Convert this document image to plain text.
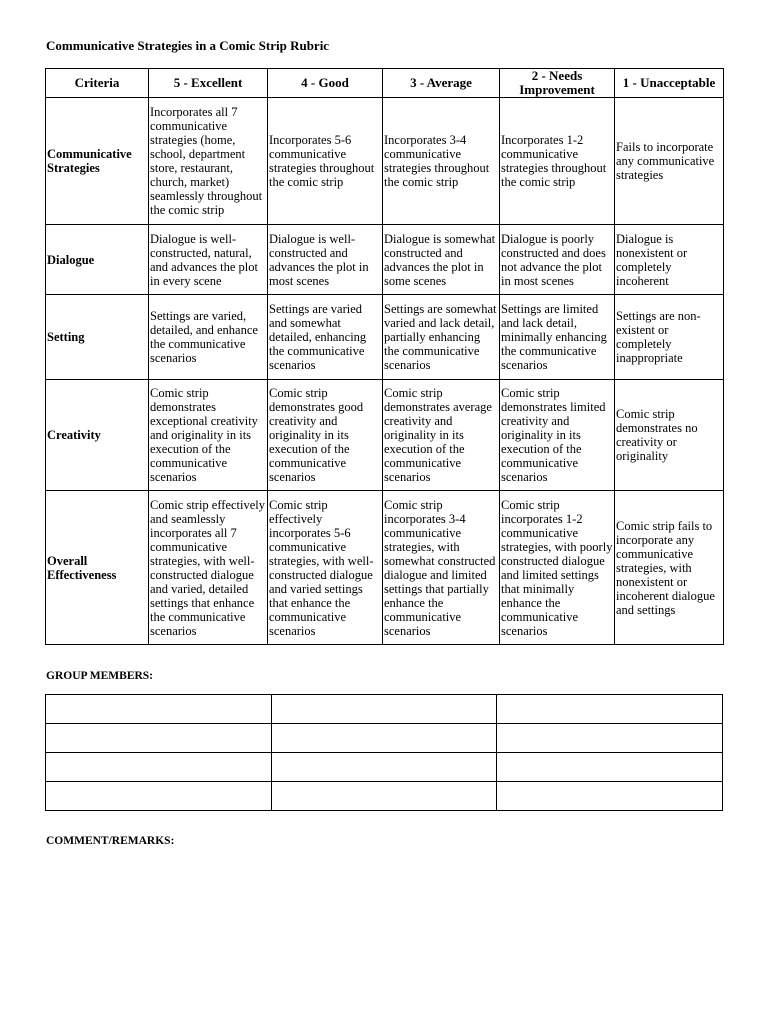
Communicative Strategies in a Comic Strip Rubric
Criteria	5 - Excellent	4 - Good	3 - Average	2 - Needs Improvement	1 - Unacceptable
Communicative Strategies	Incorporates all 7 communicative strategies (home, school, department store, restaurant, church, market) seamlessly throughout the comic strip	Incorporates 5-6 communicative strategies throughout the comic strip	Incorporates 3-4 communicative strategies throughout the comic strip	Incorporates 1-2 communicative strategies throughout the comic strip	Fails to incorporate any communicative strategies
Dialogue	Dialogue is well-constructed, natural, and advances the plot in every scene	Dialogue is well-constructed and advances the plot in most scenes	Dialogue is somewhat constructed and advances the plot in some scenes	Dialogue is poorly constructed and does not advance the plot in most scenes	Dialogue is nonexistent or completely incoherent
Setting	Settings are varied, detailed, and enhance the communicative scenarios	Settings are varied and somewhat detailed, enhancing the communicative scenarios	Settings are somewhat varied and lack detail, partially enhancing the communicative scenarios	Settings are limited and lack detail, minimally enhancing the communicative scenarios	Settings are non-existent or completely inappropriate
Creativity	Comic strip demonstrates exceptional creativity and originality in its execution of the communicative scenarios	Comic strip demonstrates good creativity and originality in its execution of the communicative scenarios	Comic strip demonstrates average creativity and originality in its execution of the communicative scenarios	Comic strip demonstrates limited creativity and originality in its execution of the communicative scenarios	Comic strip demonstrates no creativity or originality
Overall Effectiveness	Comic strip effectively and seamlessly incorporates all 7 communicative strategies, with well-constructed dialogue and varied, detailed settings that enhance the communicative scenarios	Comic strip effectively incorporates 5-6 communicative strategies, with well-constructed dialogue and varied settings that enhance the communicative scenarios	Comic strip incorporates 3-4 communicative strategies, with somewhat constructed dialogue and limited settings that partially enhance the communicative scenarios	Comic strip incorporates 1-2 communicative strategies, with poorly constructed dialogue and limited settings that minimally enhance the communicative scenarios	Comic strip fails to incorporate any communicative strategies, with nonexistent or incoherent dialogue and settings
GROUP MEMBERS:

COMMENT/REMARKS:
